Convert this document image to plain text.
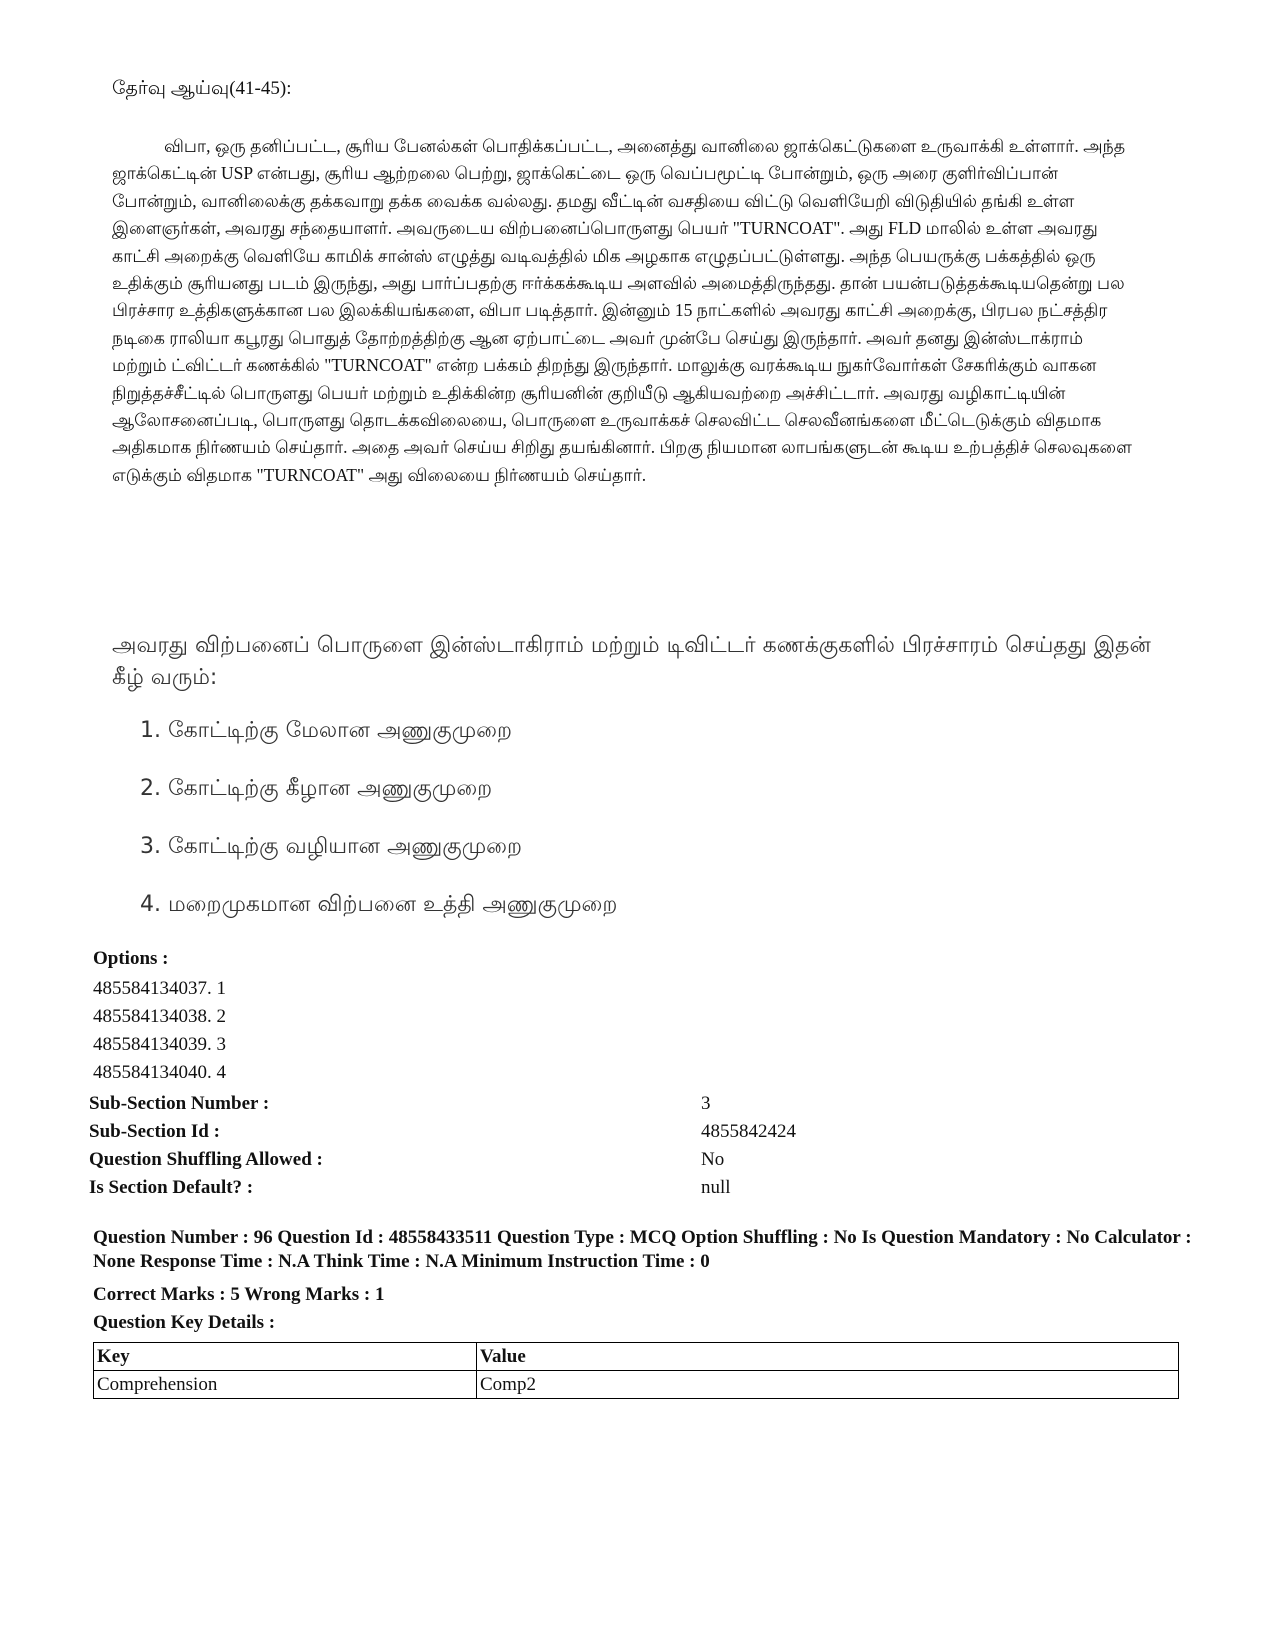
தேர்வு ஆய்வு(41-45):

விபா, ஒரு தனிப்பட்ட, சூரிய பேனல்கள் பொதிக்கப்பட்ட, அனைத்து வானிலை ஜாக்கெட்டுகளை உருவாக்கி உள்ளார். அந்த ஜாக்கெட்டின் USP என்பது, சூரிய ஆற்றலை பெற்று, ஜாக்கெட்டை ஒரு வெப்பமூட்டி போன்றும், ஒரு அரை குளிர்விப்பான் போன்றும், வானிலைக்கு தக்கவாறு தக்க வைக்க வல்லது. தமது வீட்டின் வசதியை விட்டு வெளியேறி விடுதியில் தங்கி உள்ள இளைஞர்கள், அவரது சந்தையாளர். அவருடைய விற்பனைப்பொருளது பெயர் "TURNCOAT". அது FLD மாலில் உள்ள அவரது காட்சி அறைக்கு வெளியே காமிக் சான்ஸ் எழுத்து வடிவத்தில் மிக அழகாக எழுதப்பட்டுள்ளது. அந்த பெயருக்கு பக்கத்தில் ஒரு உதிக்கும் சூரியனது படம் இருந்து, அது பார்ப்பதற்கு ஈர்க்கக்கூடிய அளவில் அமைத்திருந்தது. தான் பயன்படுத்தக்கூடியதென்று பல பிரச்சார உத்திகளுக்கான பல இலக்கியங்களை, விபா படித்தார். இன்னும் 15 நாட்களில் அவரது காட்சி அறைக்கு, பிரபல நட்சத்திர நடிகை ராலியா கபூரது பொதுத் தோற்றத்திற்கு ஆன ஏற்பாட்டை அவர் முன்பே செய்து இருந்தார். அவர் தனது இன்ஸ்டாக்ராம் மற்றும் ட்விட்டர் கணக்கில் "TURNCOAT" என்ற பக்கம் திறந்து இருந்தார். மாலுக்கு வரக்கூடிய நுகர்வோர்கள் சேகரிக்கும் வாகன நிறுத்தச்சீட்டில் பொருளது பெயர் மற்றும் உதிக்கின்ற சூரியனின் குறியீடு ஆகியவற்றை அச்சிட்டார். அவரது வழிகாட்டியின் ஆலோசனைப்படி, பொருளது தொடக்கவிலையை, பொருளை உருவாக்கச் செலவிட்ட செலவீனங்களை மீட்டெடுக்கும் விதமாக அதிகமாக நிர்ணயம் செய்தார். அதை அவர் செய்ய சிறிது தயங்கினார். பிறகு நியமான லாபங்களுடன் கூடிய உற்பத்திச் செலவுகளை எடுக்கும் விதமாக "TURNCOAT" அது விலையை நிர்ணயம் செய்தார்.

அவரது விற்பனைப் பொருளை இன்ஸ்டாகிராம் மற்றும் டிவிட்டர் கணக்குகளில் பிரச்சாரம் செய்தது இதன் கீழ் வரும்:
1. கோட்டிற்கு மேலான அணுகுமுறை
2. கோட்டிற்கு கீழான அணுகுமுறை
3. கோட்டிற்கு வழியான அணுகுமுறை
4. மறைமுகமான விற்பனை உத்தி அணுகுமுறை
Options :
485584134037. 1
485584134038. 2
485584134039. 3
485584134040. 4
Sub-Section Number :	3
Sub-Section Id :	4855842424
Question Shuffling Allowed :	No
Is Section Default? :	null
Question Number : 96 Question Id : 48558433511 Question Type : MCQ Option Shuffling : No Is Question Mandatory : No Calculator : None Response Time : N.A Think Time : N.A Minimum Instruction Time : 0
Correct Marks : 5 Wrong Marks : 1
Question Key Details :
Key	Value
Comprehension	Comp2
